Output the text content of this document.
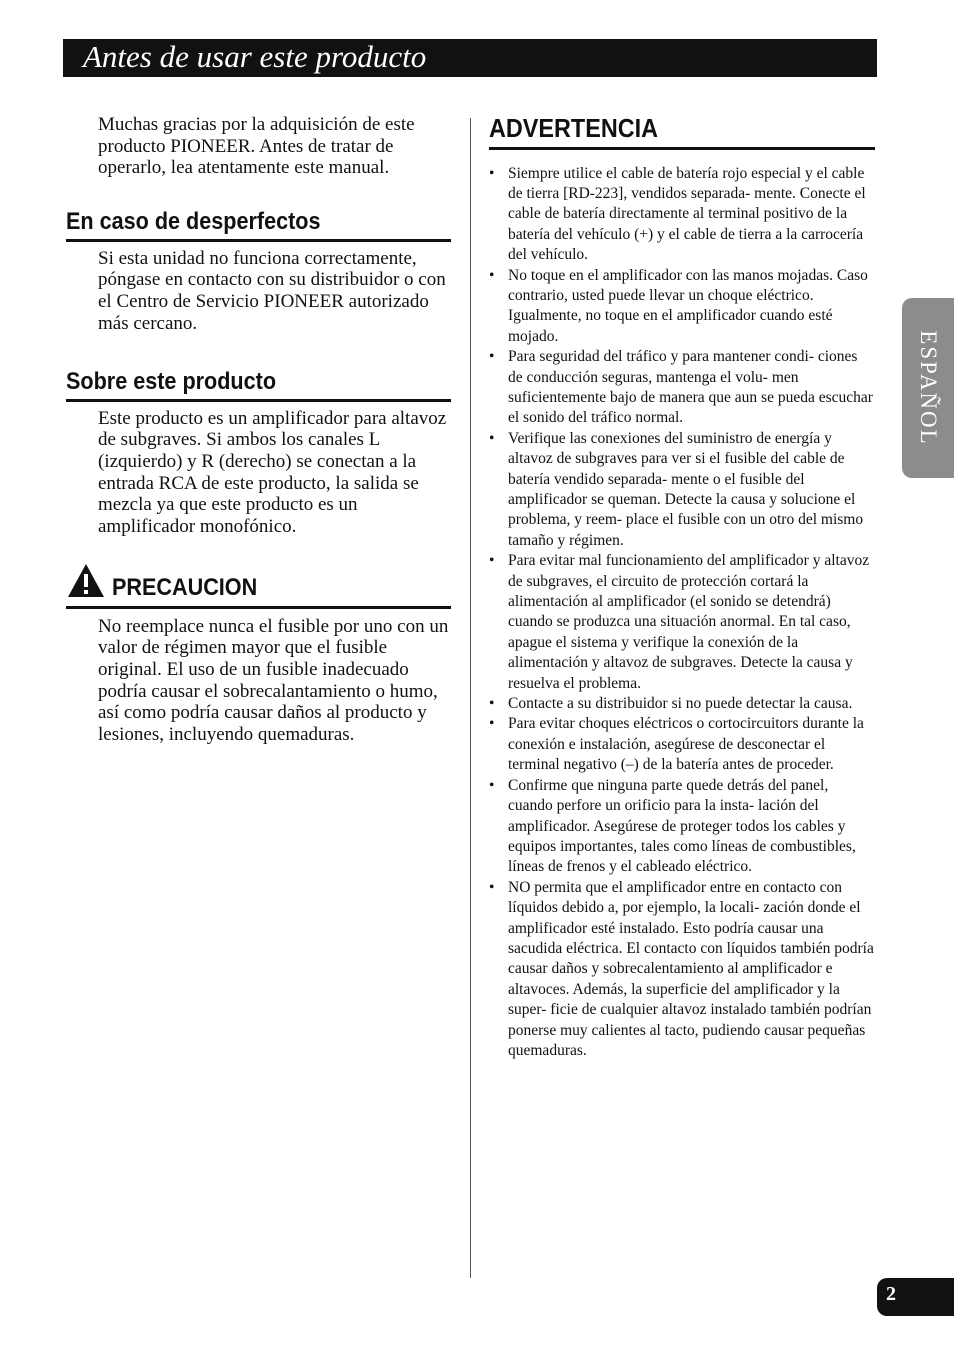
Antes de usar este producto

Muchas gracias por la adquisición de este producto PIONEER. Antes de tratar de operarlo, lea atentamente este manual.

En caso de desperfectos

Si esta unidad no funciona correctamente, póngase en contacto con su distribuidor o con el Centro de Servicio PIONEER autorizado más cercano.

Sobre este producto

Este producto es un amplificador para altavoz de subgraves. Si ambos los canales L (izquierdo) y R (derecho) se conectan a la entrada RCA de este producto, la salida se mezcla ya que este producto es un amplificador monofónico.

PRECAUCION

No reemplace nunca el fusible por uno con un valor de régimen mayor que el fusible original. El uso de un fusible inadecuado podría causar el sobrecalantamiento o humo, así como podría causar daños al producto y lesiones, incluyendo quemaduras.

ADVERTENCIA
• Siempre utilice el cable de batería rojo especial y el cable de tierra [RD-223], vendidos separada- mente. Conecte el cable de batería directamente al terminal positivo de la batería del vehículo (+) y el cable de tierra a la carrocería del vehículo.
• No toque en el amplificador con las manos mojadas. Caso contrario, usted puede llevar un choque eléctrico. Igualmente, no toque en el amplificador cuando esté mojado.
• Para seguridad del tráfico y para mantener condi- ciones de conducción seguras, mantenga el volu- men suficientemente bajo de manera que aun se pueda escuchar el sonido del tráfico normal.
• Verifique las conexiones del suministro de energía y altavoz de subgraves para ver si el fusible del cable de batería vendido separada- mente o el fusible del amplificador se queman. Detecte la causa y solucione el problema, y reem- place el fusible con un otro del mismo tamaño y régimen.
• Para evitar mal funcionamiento del amplificador y altavoz de subgraves, el circuito de protección cortará la alimentación al amplificador (el sonido se detendrá) cuando se produzca una situación anormal. En tal caso, apague el sistema y verifique la conexión de la alimentación y altavoz de subgraves. Detecte la causa y resuelva el problema.
• Contacte a su distribuidor si no puede detectar la causa.
• Para evitar choques eléctricos o cortocircuitors durante la conexión e instalación, asegúrese de desconectar el terminal negativo (–) de la batería antes de proceder.
• Confirme que ninguna parte quede detrás del panel, cuando perfore un orificio para la insta- lación del amplificador. Asegúrese de proteger todos los cables y equipos importantes, tales como líneas de combustibles, líneas de frenos y el cableado eléctrico.
• NO permita que el amplificador entre en contacto con líquidos debido a, por ejemplo, la locali- zación donde el amplificador esté instalado. Esto podría causar una sacudida eléctrica. El contacto con líquidos también podría causar daños y sobrecalentamiento al amplificador e altavoces. Además, la superficie del amplificador y la super- ficie de cualquier altavoz instalado también podrían ponerse muy calientes al tacto, pudiendo causar pequeñas quemaduras.
ESPAÑOL
2
